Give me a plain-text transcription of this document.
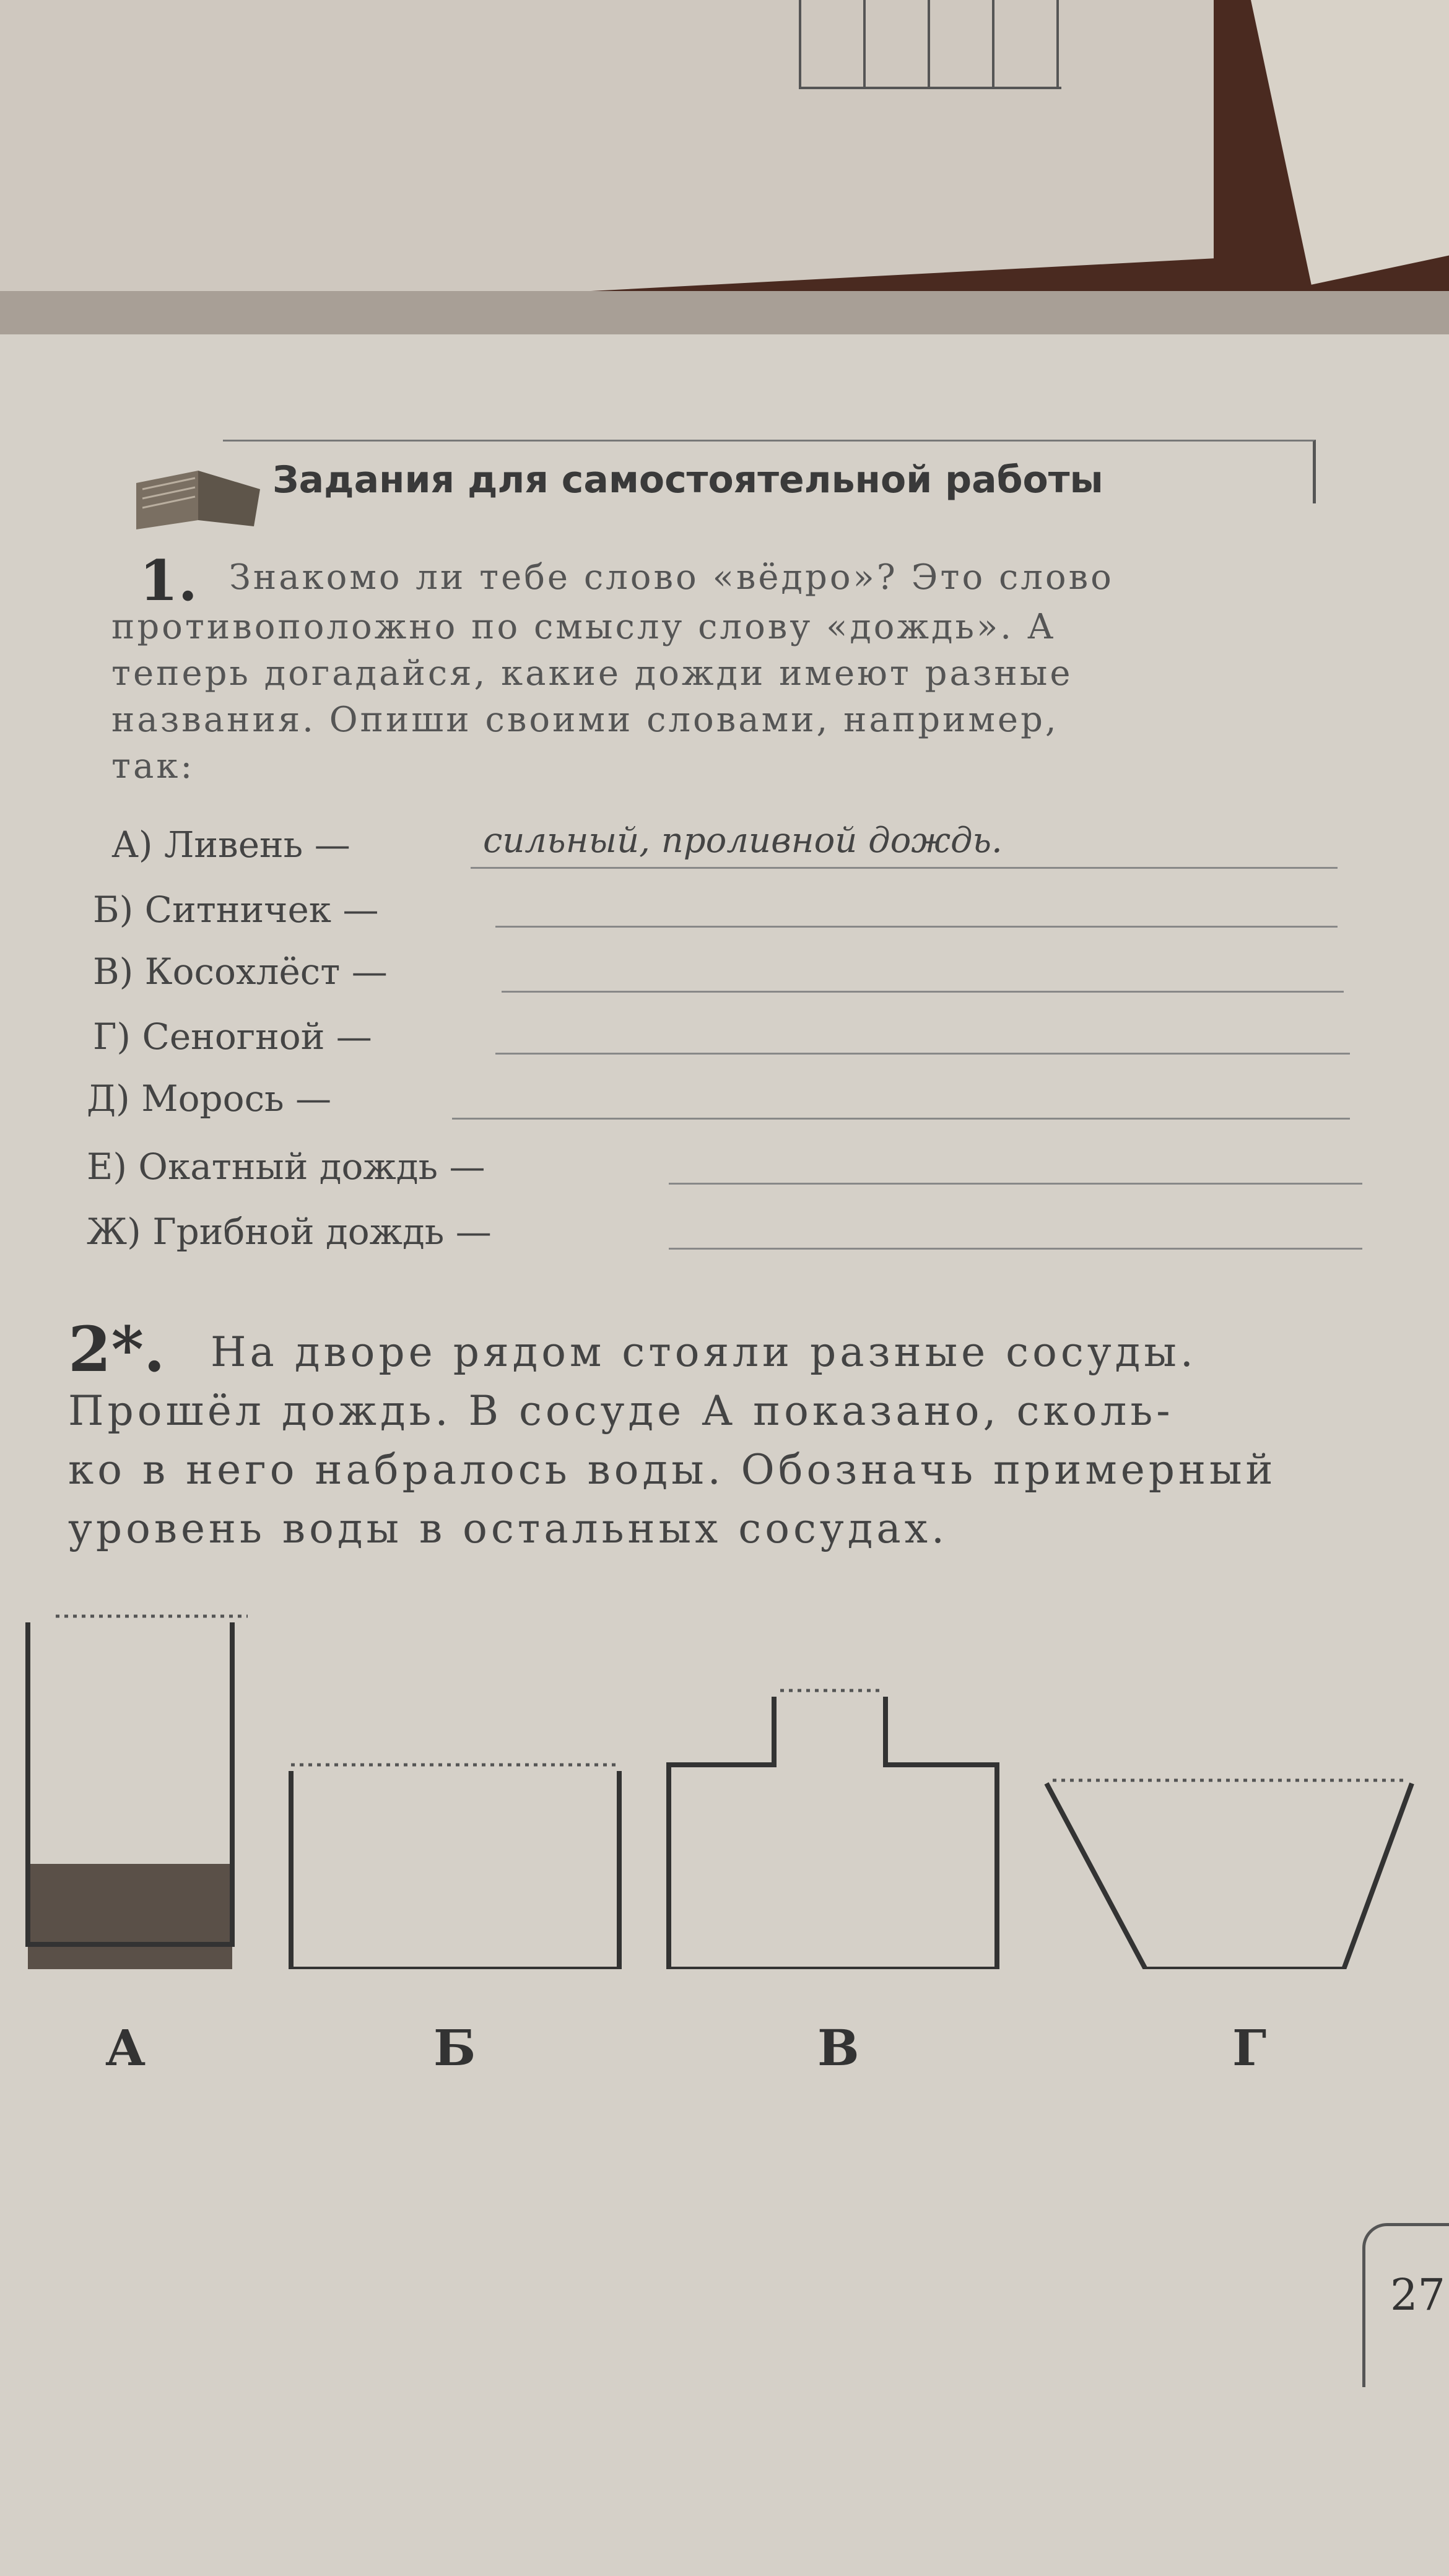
Задания для самостоятельной работы
1. Знакомо ли тебе слово «вёдро»? Это слово
противоположно по смыслу слову «дождь». А
теперь догадайся, какие дожди имеют разные
названия. Опиши своими словами, например,
так:
А) Ливень —	сильный, проливной дождь.
Б) Ситничек —
В) Косохлёст —
Г) Сеногной —
Д) Морось —
Е) Окатный дождь —
Ж) Грибной дождь —
2*. На дворе рядом стояли разные сосуды.
Прошёл дождь. В сосуде А показано, сколь-
ко в него набралось воды. Обозначь примерный
уровень воды в остальных сосудах.
А	Б	В	Г
27
